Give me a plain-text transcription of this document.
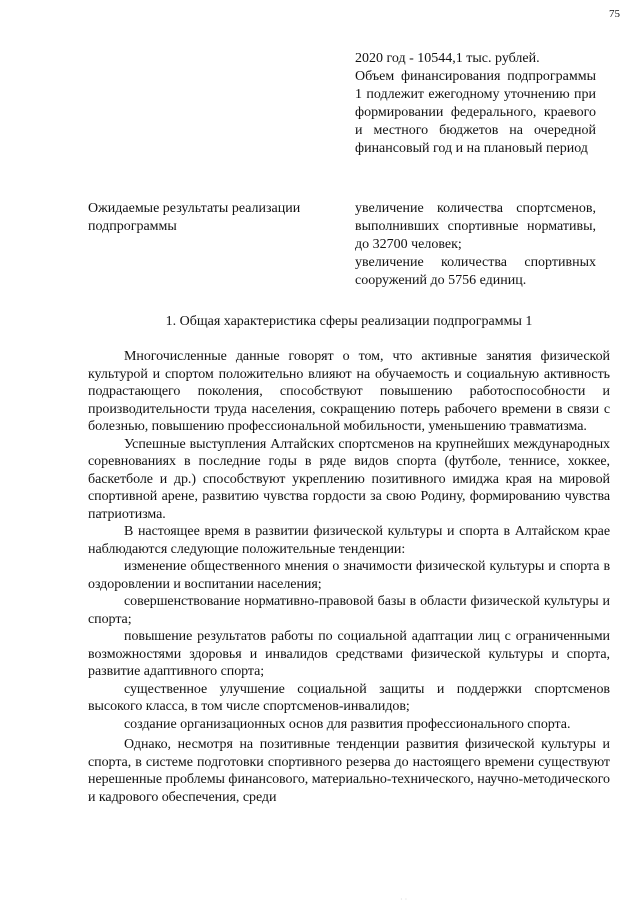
75

2020 год - 10544,1 тыс. рублей.

Объем финансирования подпрограммы 1 подлежит ежегодному уточнению при формировании федерального, краевого и местного бюджетов на очередной финансовый год и на плановый период

Ожидаемые результаты реализации подпрограммы

увеличение количества спортсменов, выполнивших спортивные нормативы, до 32700 человек;

увеличение количества спортивных сооружений до 5756 единиц.

1. Общая характеристика сферы реализации подпрограммы 1

Многочисленные данные говорят о том, что активные занятия физической культурой и спортом положительно влияют на обучаемость и социальную активность подрастающего поколения, способствуют повышению работоспособности и производительности труда населения, сокращению потерь рабочего времени в связи с болезнью, повышению профессиональной мобильности, уменьшению травматизма.

Успешные выступления Алтайских спортсменов на крупнейших международных соревнованиях в последние годы в ряде видов спорта (футболе, теннисе, хоккее, баскетболе и др.) способствуют укреплению позитивного имиджа края на мировой спортивной арене, развитию чувства гордости за свою Родину, формированию чувства патриотизма.

В настоящее время в развитии физической культуры и спорта в Алтайском крае наблюдаются следующие положительные тенденции:

изменение общественного мнения о значимости физической культуры и спорта в оздоровлении и воспитании населения;

совершенствование нормативно-правовой базы в области физической культуры и спорта;

повышение результатов работы по социальной адаптации лиц с ограниченными возможностями здоровья и инвалидов средствами физической культуры и спорта, развитие адаптивного спорта;

существенное улучшение социальной защиты и поддержки спортсменов высокого класса, в том числе спортсменов-инвалидов;

создание организационных основ для развития профессионального спорта.

Однако, несмотря на позитивные тенденции развития физической культуры и спорта, в системе подготовки спортивного резерва до настоящего времени существуют нерешенные проблемы финансового, материально-технического, научно-методического и кадрового обеспечения, среди

· ·
